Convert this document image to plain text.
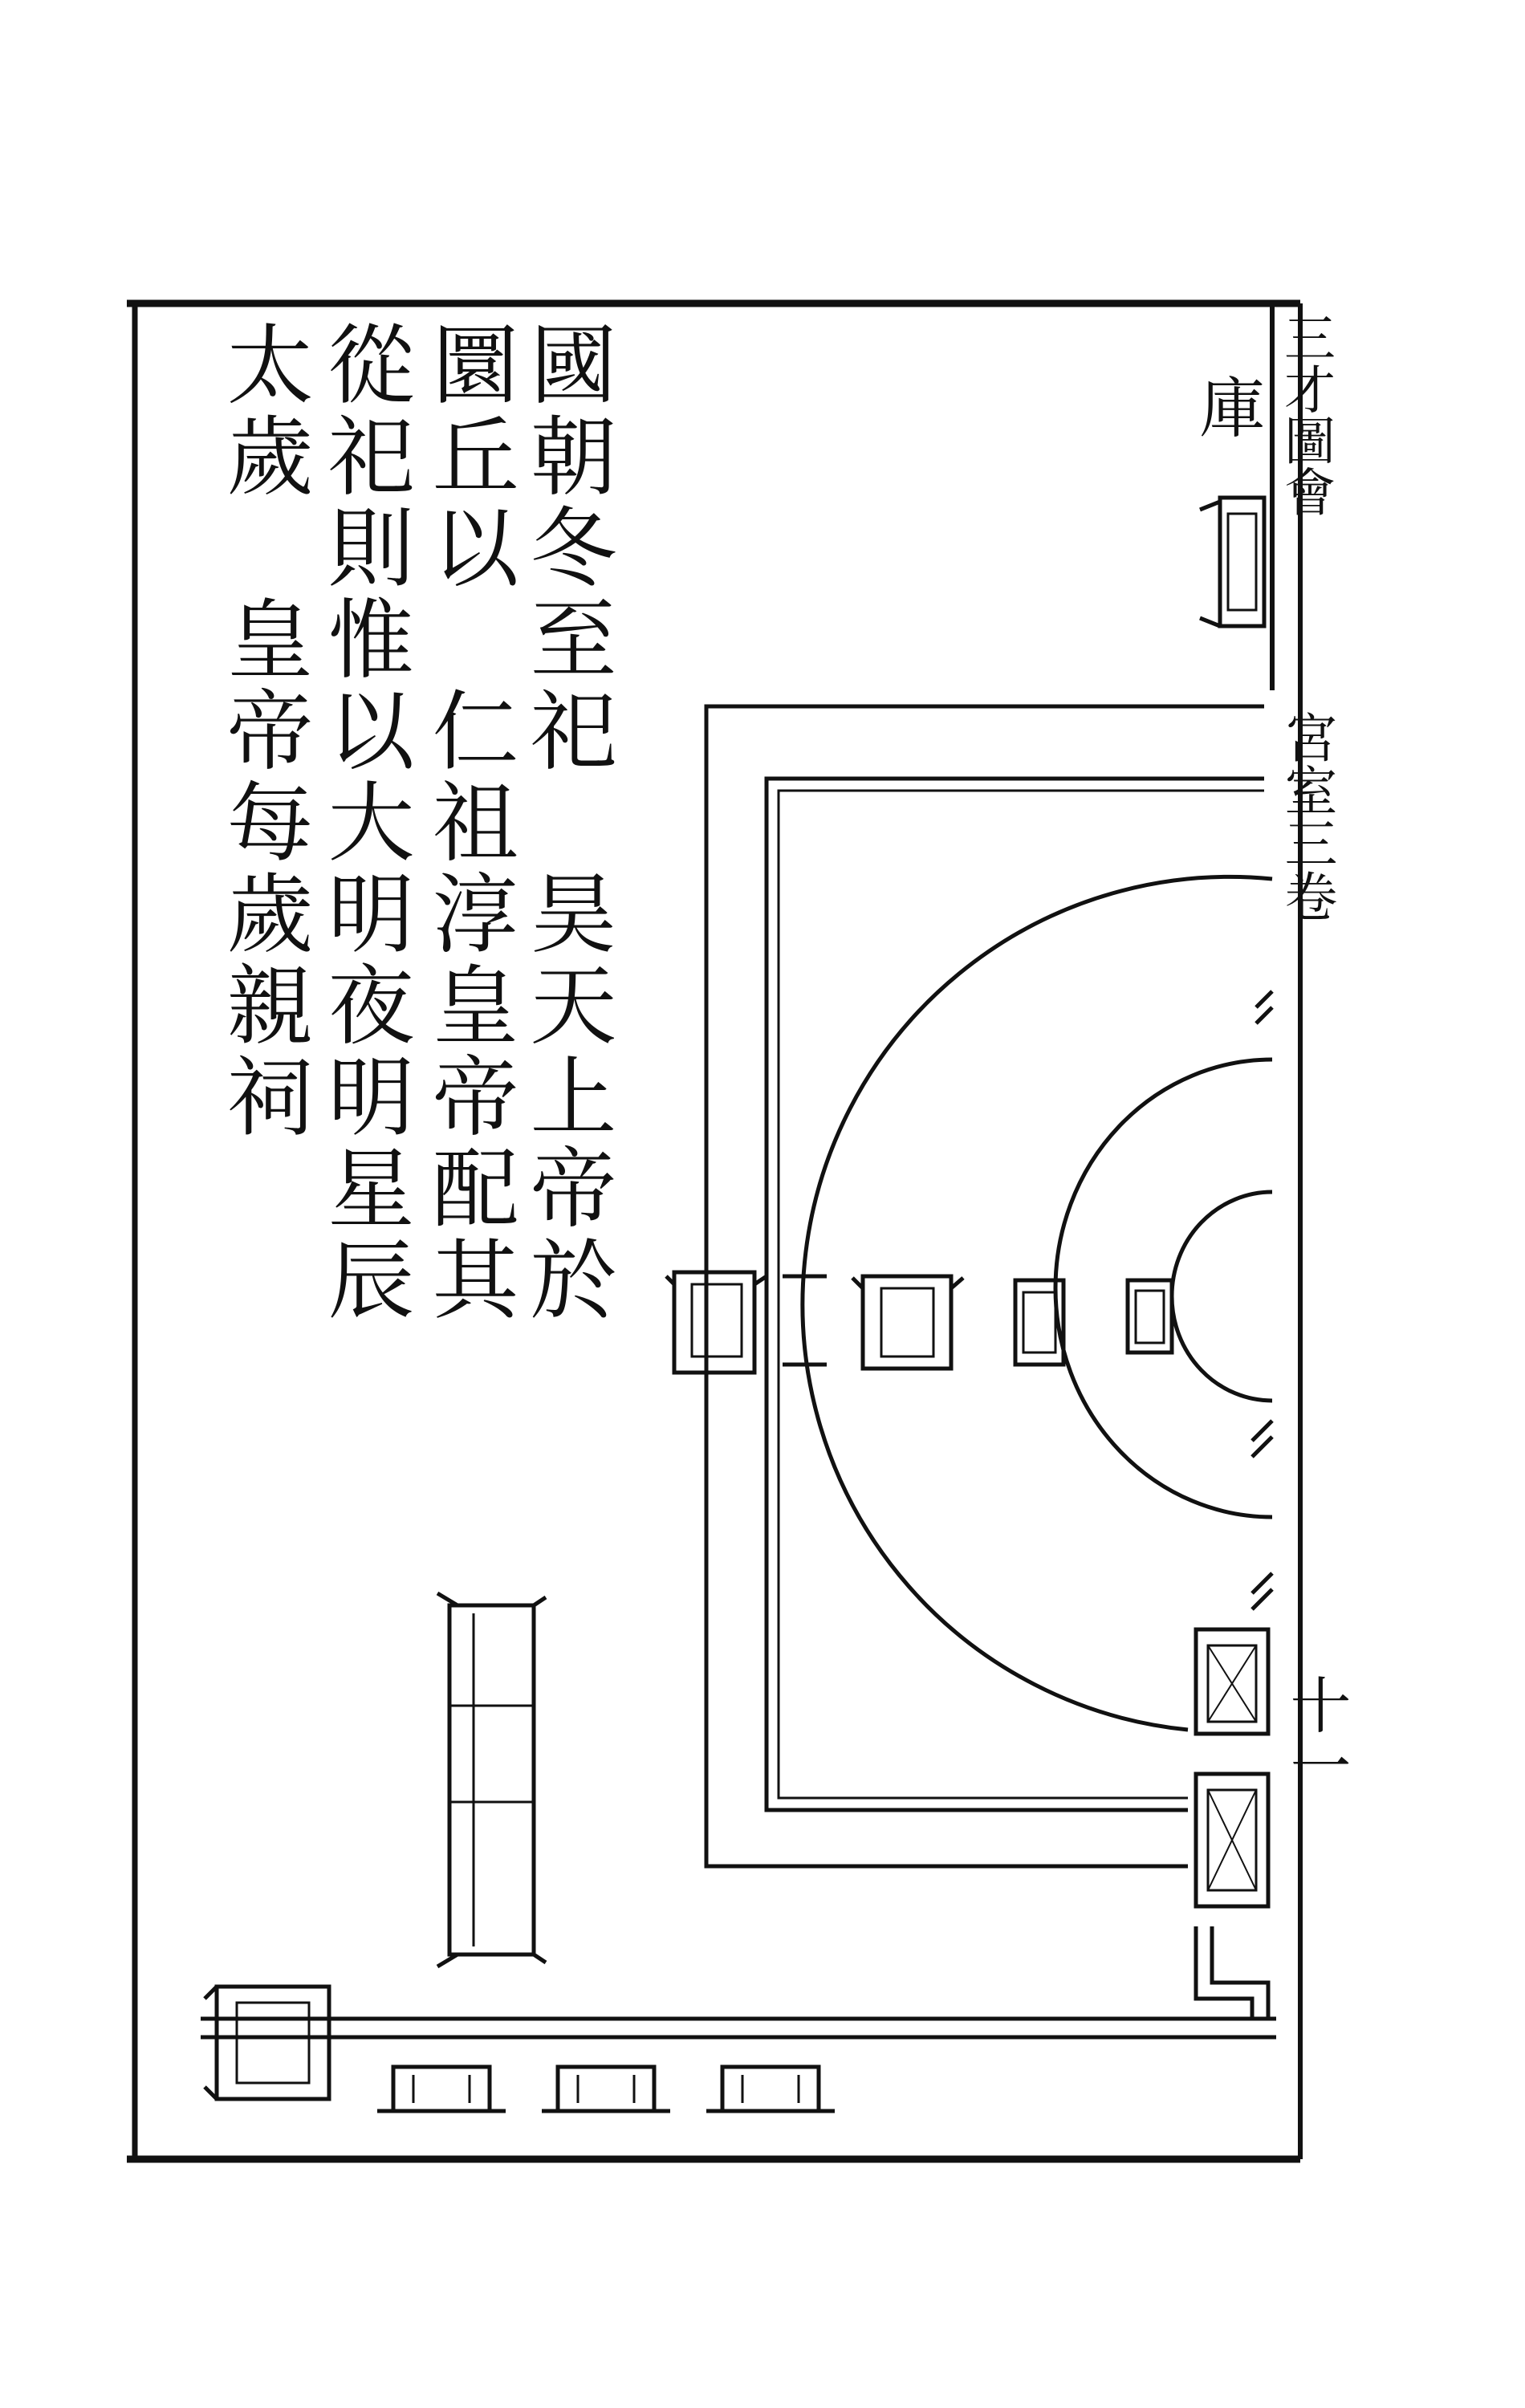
國朝冬至祀　昊天上帝於
圜丘以　仁祖淳皇帝配其
從祀則惟以大明夜明星辰
太歲　皇帝每歲親祠	三才圖會
宮室三卷
十一
庫
